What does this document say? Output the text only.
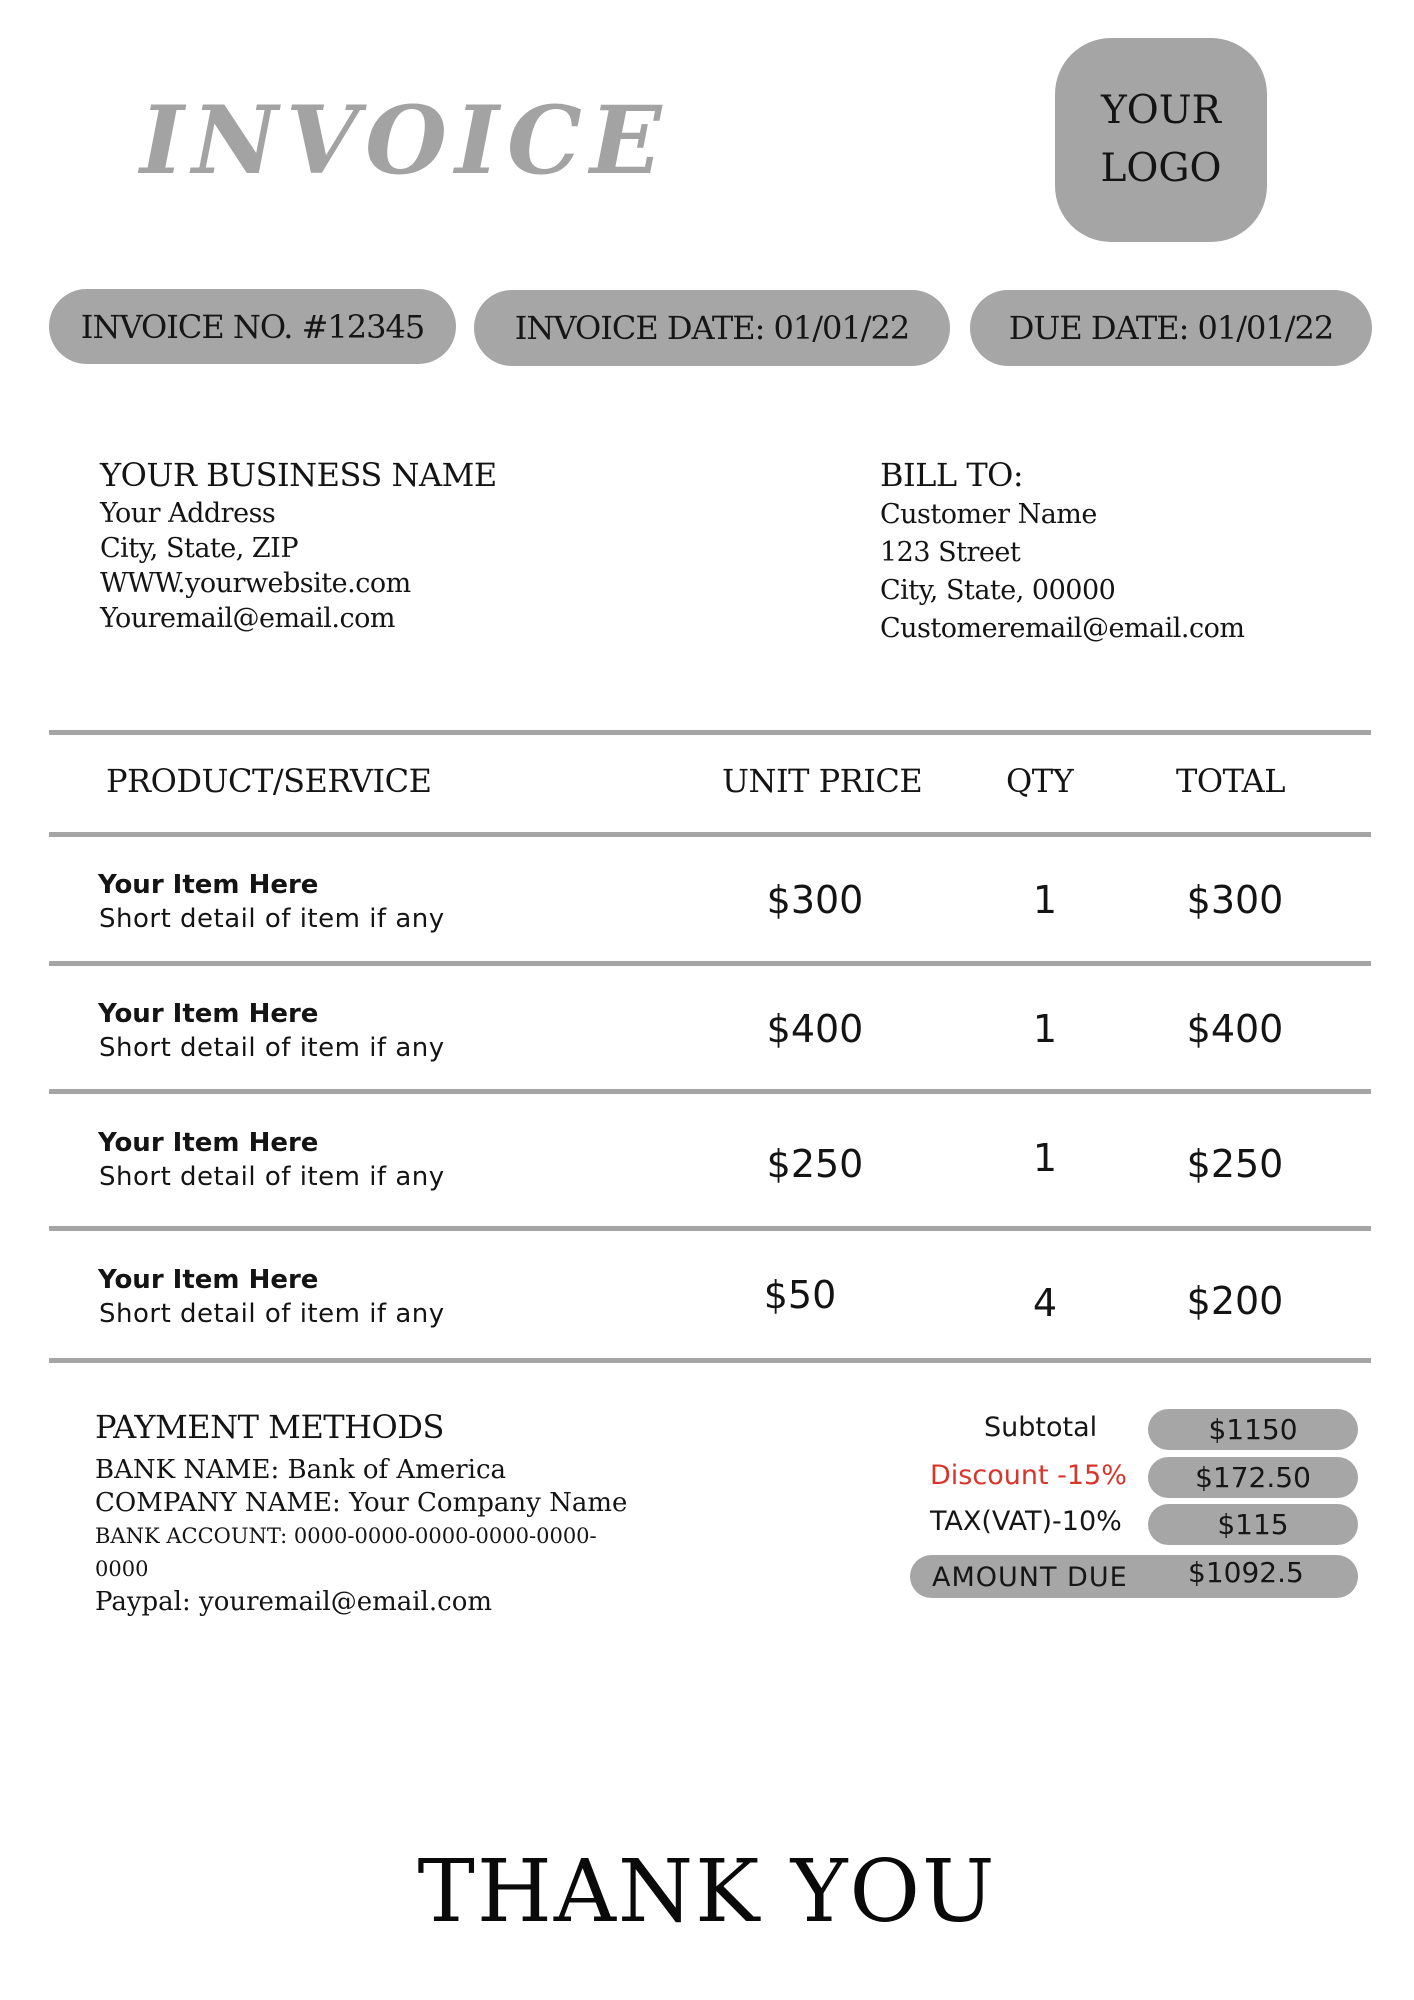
INVOICE	YOUR
LOGO
INVOICE NO. #12345	INVOICE DATE: 01/01/22	DUE DATE: 01/01/22
YOUR BUSINESS NAME
Your Address
City, State, ZIP
WWW.yourwebsite.com
Youremail@email.com
BILL TO:
Customer Name
123 Street
City, State, 00000
Customeremail@email.com
PRODUCT/SERVICE	UNIT PRICE	QTY	TOTAL
Your Item Here
Short detail of item if any	$300	1	$300
Your Item Here
Short detail of item if any	$400	1	$400
Your Item Here
Short detail of item if any	$250	1	$250
Your Item Here
Short detail of item if any	$50	4	$200
PAYMENT METHODS
BANK NAME: Bank of America
COMPANY NAME: Your Company Name
BANK ACCOUNT: 0000-0000-0000-0000-0000-
0000
Paypal: youremail@email.com
Subtotal	$1150
Discount -15%	$172.50
TAX(VAT)-10%	$115
AMOUNT DUE $1092.5
THANK YOU
